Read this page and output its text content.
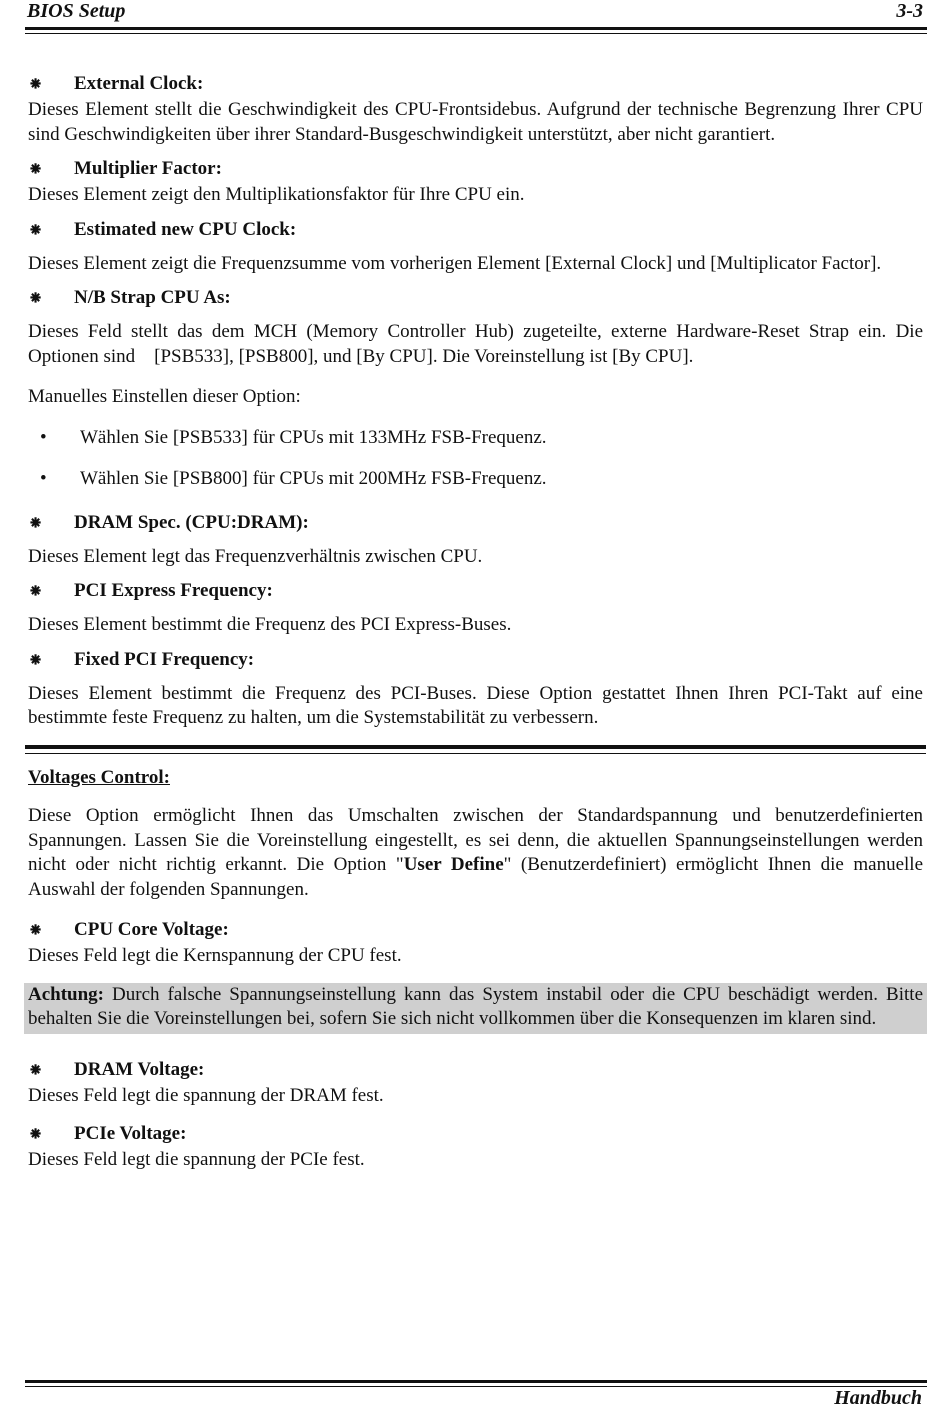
BIOS Setup	3-3
⁕ External Clock:

Dieses Element stellt die Geschwindigkeit des CPU-Frontsidebus. Aufgrund der technische Begrenzung Ihrer CPU sind Geschwindigkeiten über ihrer Standard-Busgeschwindigkeit unterstützt, aber nicht garantiert.

⁕ Multiplier Factor:

Dieses Element zeigt den Multiplikationsfaktor für Ihre CPU ein.

⁕ Estimated new CPU Clock:

Dieses Element zeigt die Frequenzsumme vom vorherigen Element [External Clock] und [Multiplicator Factor].

⁕ N/B Strap CPU As:

Dieses Feld stellt das dem MCH (Memory Controller Hub) zugeteilte, externe Hardware-Reset Strap ein. Die Optionen sind    [PSB533], [PSB800], und [By CPU]. Die Voreinstellung ist [By CPU].

Manuelles Einstellen dieser Option:

• Wählen Sie [PSB533] für CPUs mit 133MHz FSB-Frequenz.
• Wählen Sie [PSB800] für CPUs mit 200MHz FSB-Frequenz.
⁕ DRAM Spec. (CPU:DRAM):

Dieses Element legt das Frequenzverhältnis zwischen CPU.

⁕ PCI Express Frequency:

Dieses Element bestimmt die Frequenz des PCI Express-Buses.

⁕ Fixed PCI Frequency:

Dieses Element bestimmt die Frequenz des PCI-Buses. Diese Option gestattet Ihnen Ihren PCI-Takt auf eine bestimmte feste Frequenz zu halten, um die Systemstabilität zu verbessern.

Voltages Control:

Diese Option ermöglicht Ihnen das Umschalten zwischen der Standardspannung und benutzerdefinierten Spannungen. Lassen Sie die Voreinstellung eingestellt, es sei denn, die aktuellen Spannungseinstellungen werden nicht oder nicht richtig erkannt. Die Option "User Define" (Benutzerdefiniert) ermöglicht Ihnen die manuelle Auswahl der folgenden Spannungen.

⁕ CPU Core Voltage:

Dieses Feld legt die Kernspannung der CPU fest.

Achtung: Durch falsche Spannungseinstellung kann das System instabil oder die CPU beschädigt werden. Bitte behalten Sie die Voreinstellungen bei, sofern Sie sich nicht vollkommen über die Konsequenzen im klaren sind.
⁕ DRAM Voltage:

Dieses Feld legt die spannung der DRAM fest.

⁕ PCIe Voltage:

Dieses Feld legt die spannung der PCIe fest.

Handbuch
